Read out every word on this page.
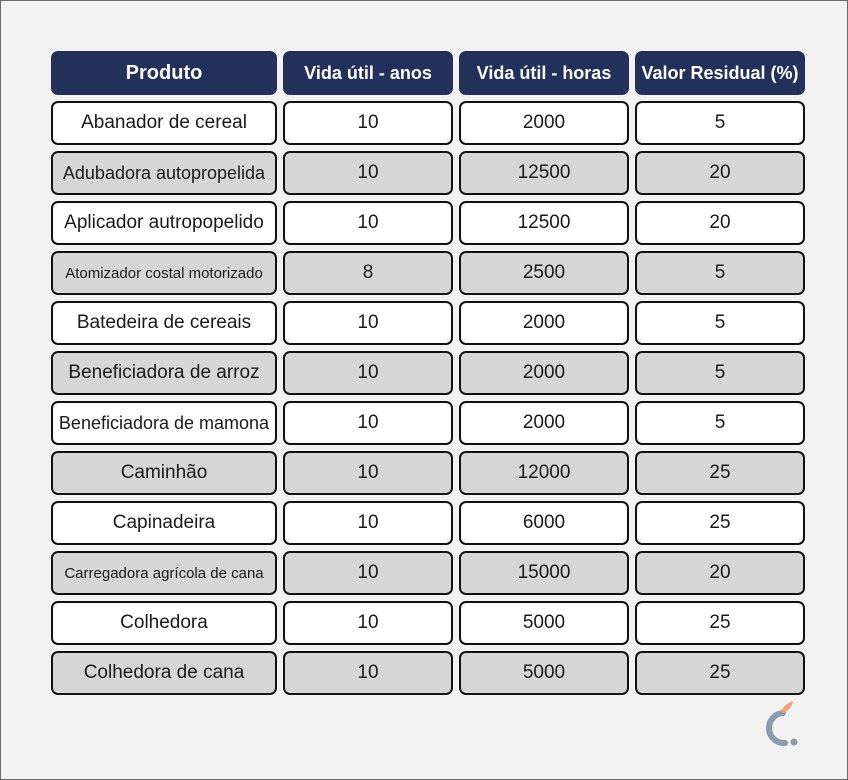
Produto	Vida útil - anos	Vida útil - horas	Valor Residual (%)
Abanador de cereal	10	2000	5
Adubadora autopropelida	10	12500	20
Aplicador autropopelido	10	12500	20
Atomizador costal motorizado	8	2500	5
Batedeira de cereais	10	2000	5
Beneficiadora de arroz	10	2000	5
Beneficiadora de mamona	10	2000	5
Caminhão	10	12000	25
Capinadeira	10	6000	25
Carregadora agrícola de cana	10	15000	20
Colhedora	10	5000	25
Colhedora de cana	10	5000	25
